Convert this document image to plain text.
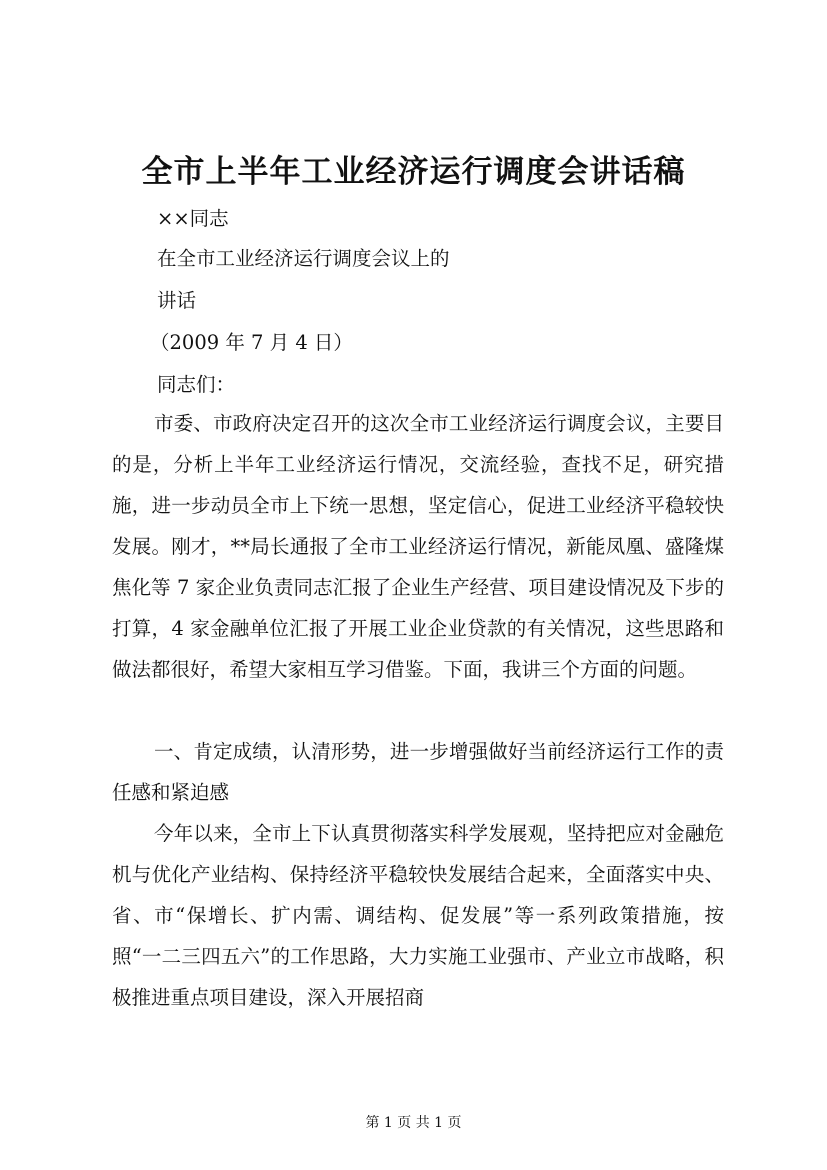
全市上半年工业经济运行调度会讲话稿
××同志
在全市工业经济运行调度会议上的
讲话
（2009 年 7 月 4 日）
同志们：

市委、市政府决定召开的这次全市工业经济运行调度会议，主要目的是，分析上半年工业经济运行情况，交流经验，查找不足，研究措施，进一步动员全市上下统一思想，坚定信心，促进工业经济平稳较快发展。刚才，**局长通报了全市工业经济运行情况，新能凤凰、盛隆煤焦化等 7 家企业负责同志汇报了企业生产经营、项目建设情况及下步的打算，4 家金融单位汇报了开展工业企业贷款的有关情况，这些思路和做法都很好，希望大家相互学习借鉴。下面，我讲三个方面的问题。

一、肯定成绩，认清形势，进一步增强做好当前经济运行工作的责任感和紧迫感

今年以来，全市上下认真贯彻落实科学发展观，坚持把应对金融危机与优化产业结构、保持经济平稳较快发展结合起来，全面落实中央、省、市“保增长、扩内需、调结构、促发展”等一系列政策措施，按照“一二三四五六”的工作思路，大力实施工业强市、产业立市战略，积极推进重点项目建设，深入开展招商

第 1 页 共 1 页
